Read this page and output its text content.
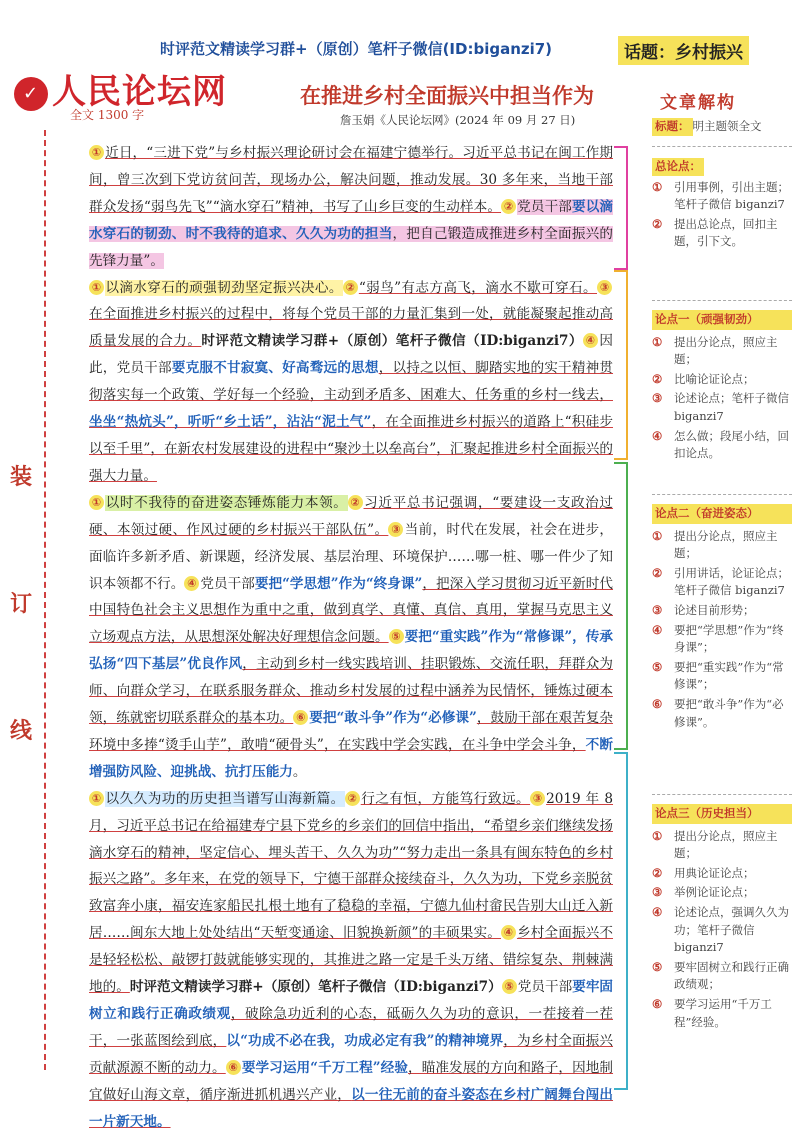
时评范文精读学习群+（原创）笔杆子微信(ID:biganzi7)	话题：乡村振兴
✓ 人民论坛网
全文 1300 字
在推进乡村全面振兴中担当作为
詹玉娟《人民论坛网》(2024 年 09 月 27 日)
装
订
线

① 近日，“三进下党”与乡村振兴理论研讨会在福建宁德举行。习近平总书记在闽工作期间，曾三次到下党访贫问苦，现场办公，解决问题，推动发展。30 多年来，当地干部群众发扬“弱鸟先飞”“滴水穿石”精神，书写了山乡巨变的生动样本。 ② 党员干部要以滴水穿石的韧劲、时不我待的追求、久久为功的担当，把自己锻造成推进乡村全面振兴的先锋力量”。

① 以滴水穿石的顽强韧劲坚定振兴决心。 ② “弱鸟”有志方高飞，滴水不歇可穿石。 ③在全面推进乡村振兴的过程中，将每个党员干部的力量汇集到一处，就能凝聚起推动高质量发展的合力。时评范文精读学习群+（原创）笔杆子微信（ID:biganzi7） ④ 因此，党员干部要克服不甘寂寞、好高骛远的思想，以持之以恒、脚踏实地的实干精神贯彻落实每一个政策、学好每一个经验，主动到矛盾多、困难大、任务重的乡村一线去，坐坐“热炕头”，听听“乡土话”，沾沾“泥土气”，在全面推进乡村振兴的道路上“积硅步以至千里”，在新农村发展建设的进程中“聚沙土以垒高台”，汇聚起推进乡村全面振兴的强大力量。

① 以时不我待的奋进姿态锤炼能力本领。 ② 习近平总书记强调，“要建设一支政治过硬、本领过硬、作风过硬的乡村振兴干部队伍”。 ③ 当前，时代在发展，社会在进步，面临许多新矛盾、新课题，经济发展、基层治理、环境保护……哪一桩、哪一件少了知识本领都不行。 ④ 党员干部要把“学思想”作为“终身课”，把深入学习贯彻习近平新时代中国特色社会主义思想作为重中之重，做到真学、真懂、真信、真用，掌握马克思主义立场观点方法，从思想深处解决好理想信念问题。 ⑤ 要把“重实践”作为“常修课”，传承弘扬“四下基层”优良作风，主动到乡村一线实践培训、挂职锻炼、交流任职，拜群众为师、向群众学习，在联系服务群众、推动乡村发展的过程中涵养为民情怀，锤炼过硬本领，练就密切联系群众的基本功。 ⑥ 要把“敢斗争”作为“必修课”，鼓励干部在艰苦复杂环境中多捧“烫手山芋”，敢啃“硬骨头”，在实践中学会实践，在斗争中学会斗争，不断增强防风险、迎挑战、抗打压能力。

① 以久久为功的历史担当谱写山海新篇。 ② 行之有恒，方能笃行致远。 ③ 2019 年 8 月，习近平总书记在给福建寿宁县下党乡的乡亲们的回信中指出，“希望乡亲们继续发扬滴水穿石的精神，坚定信心、埋头苦干、久久为功”“努力走出一条具有闽东特色的乡村振兴之路”。多年来，在党的领导下，宁德干部群众接续奋斗，久久为功，下党乡亲脱贫致富奔小康，福安连家船民扎根土地有了稳稳的幸福，宁德九仙村畲民告别大山迁入新居……闽东大地上处处结出“天堑变通途、旧貌换新颜”的丰硕果实。 ④ 乡村全面振兴不是轻轻松松、敲锣打鼓就能够实现的，其推进之路一定是千头万绪、错综复杂、荆棘满地的。时评范文精读学习群+（原创）笔杆子微信（ID:biganzi7） ⑤ 党员干部要牢固树立和践行正确政绩观，破除急功近利的心态，砥砺久久为功的意识，一茬接着一茬干，一张蓝图绘到底，以“功成不必在我，功成必定有我”的精神境界，为乡村全面振兴贡献源源不断的动力。 ⑥ 要学习运用“千万工程”经验，瞄准发展的方向和路子，因地制宜做好山海文章，循序渐进抓机遇兴产业，以一往无前的奋斗姿态在乡村广阔舞台闯出一片新天地。

文章解构
标题： 明主题领全文
总论点：
①	引用事例，引出主题；笔杆子微信 biganzi7
②	提出总论点，回扣主题，引下文。
论点一（顽强韧劲）
①	提出分论点，照应主题；
②	比喻论证论点；
③	论述论点；笔杆子微信 biganzi7
④	怎么做；段尾小结，回扣论点。
论点二（奋进姿态）
①	提出分论点，照应主题；
②	引用讲话，论证论点；笔杆子微信 biganzi7
③	论述目前形势；
④	要把“学思想”作为“终身课”；
⑤	要把“重实践”作为“常修课”；
⑥	要把“敢斗争”作为“必修课”。
论点三（历史担当）
①	提出分论点，照应主题；
②	用典论证论点；
③	举例论证论点；
④	论述论点，强调久久为功；笔杆子微信 biganzi7
⑤	要牢固树立和践行正确政绩观；
⑥	要学习运用“千万工程”经验。
